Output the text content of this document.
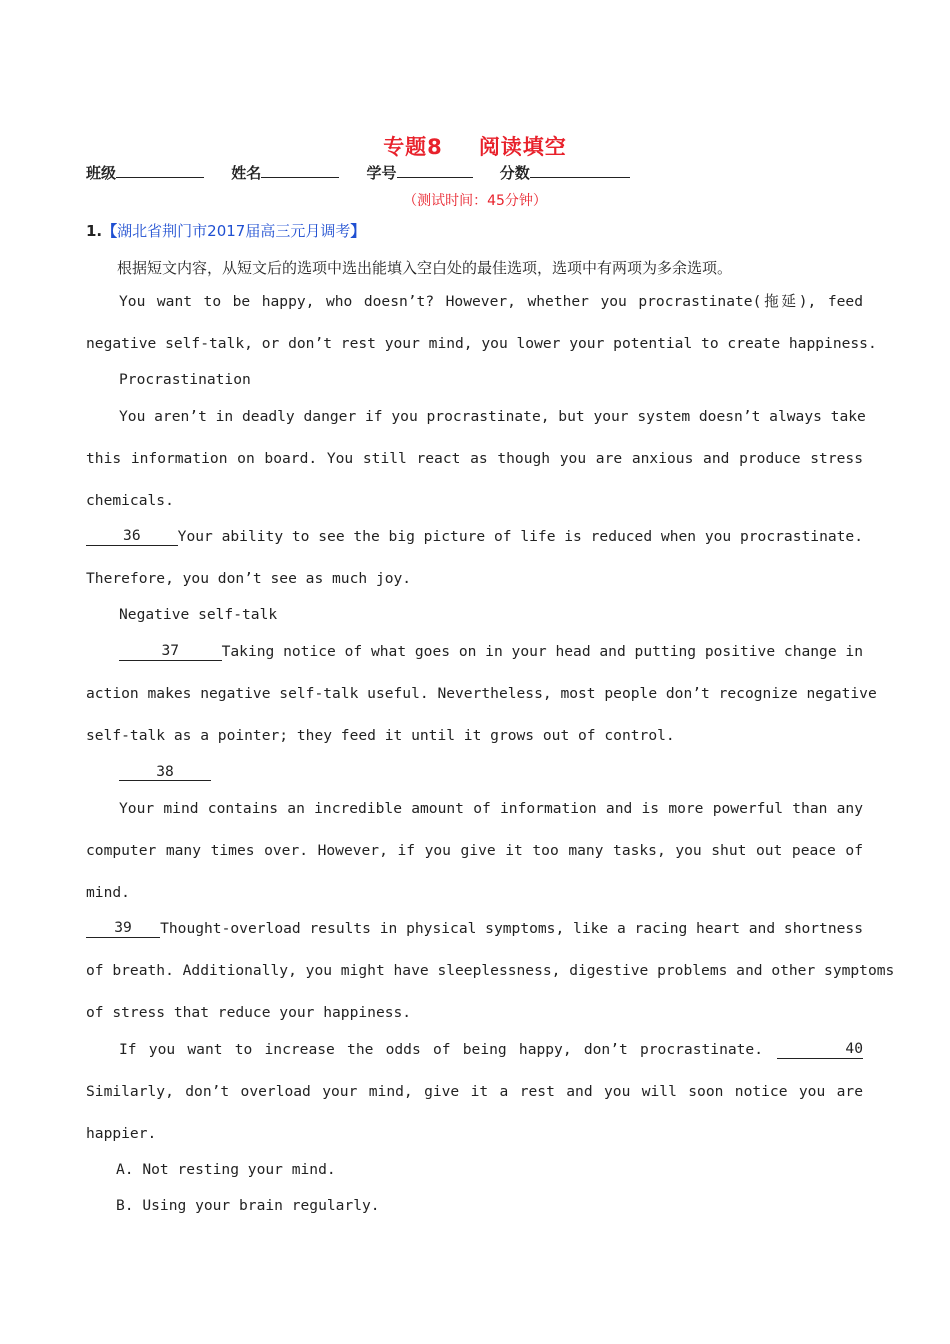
专题8 阅读填空
班级	姓名	学号	分数
（测试时间：45分钟）
1.【湖北省荆门市2017届高三元月调考】
根据短文内容，从短文后的选项中选出能填入空白处的最佳选项，选项中有两项为多余选项。
You want to be happy, who doesn’t? However, whether you procrastinate(拖延), feed
negative self-talk, or don’t rest your mind, you lower your potential to create happiness.
Procrastination
You aren’t in deadly danger if you procrastinate, but your system doesn’t always take
this information on board. You still react as though you are anxious and produce stress
chemicals.
36	Your ability to see the big picture of life is reduced when you procrastinate.
Therefore, you don’t see as much joy.
Negative self-talk
37	Taking notice of what goes on in your head and putting positive change in
action makes negative self-talk useful. Nevertheless, most people don’t recognize negative
self-talk as a pointer; they feed it until it grows out of control.
38
Your mind contains an incredible amount of information and is more powerful than any
computer many times over. However, if you give it too many tasks, you shut out peace of
mind.
39	Thought-overload results in physical symptoms, like a racing heart and shortness
of breath. Additionally, you might have sleeplessness, digestive problems and other symptoms
of stress that reduce your happiness.
If you want to increase the odds of being happy, don’t procrastinate.	40
Similarly, don’t overload your mind, give it a rest and you will soon notice you are
happier.
A. Not resting your mind.
B. Using your brain regularly.
